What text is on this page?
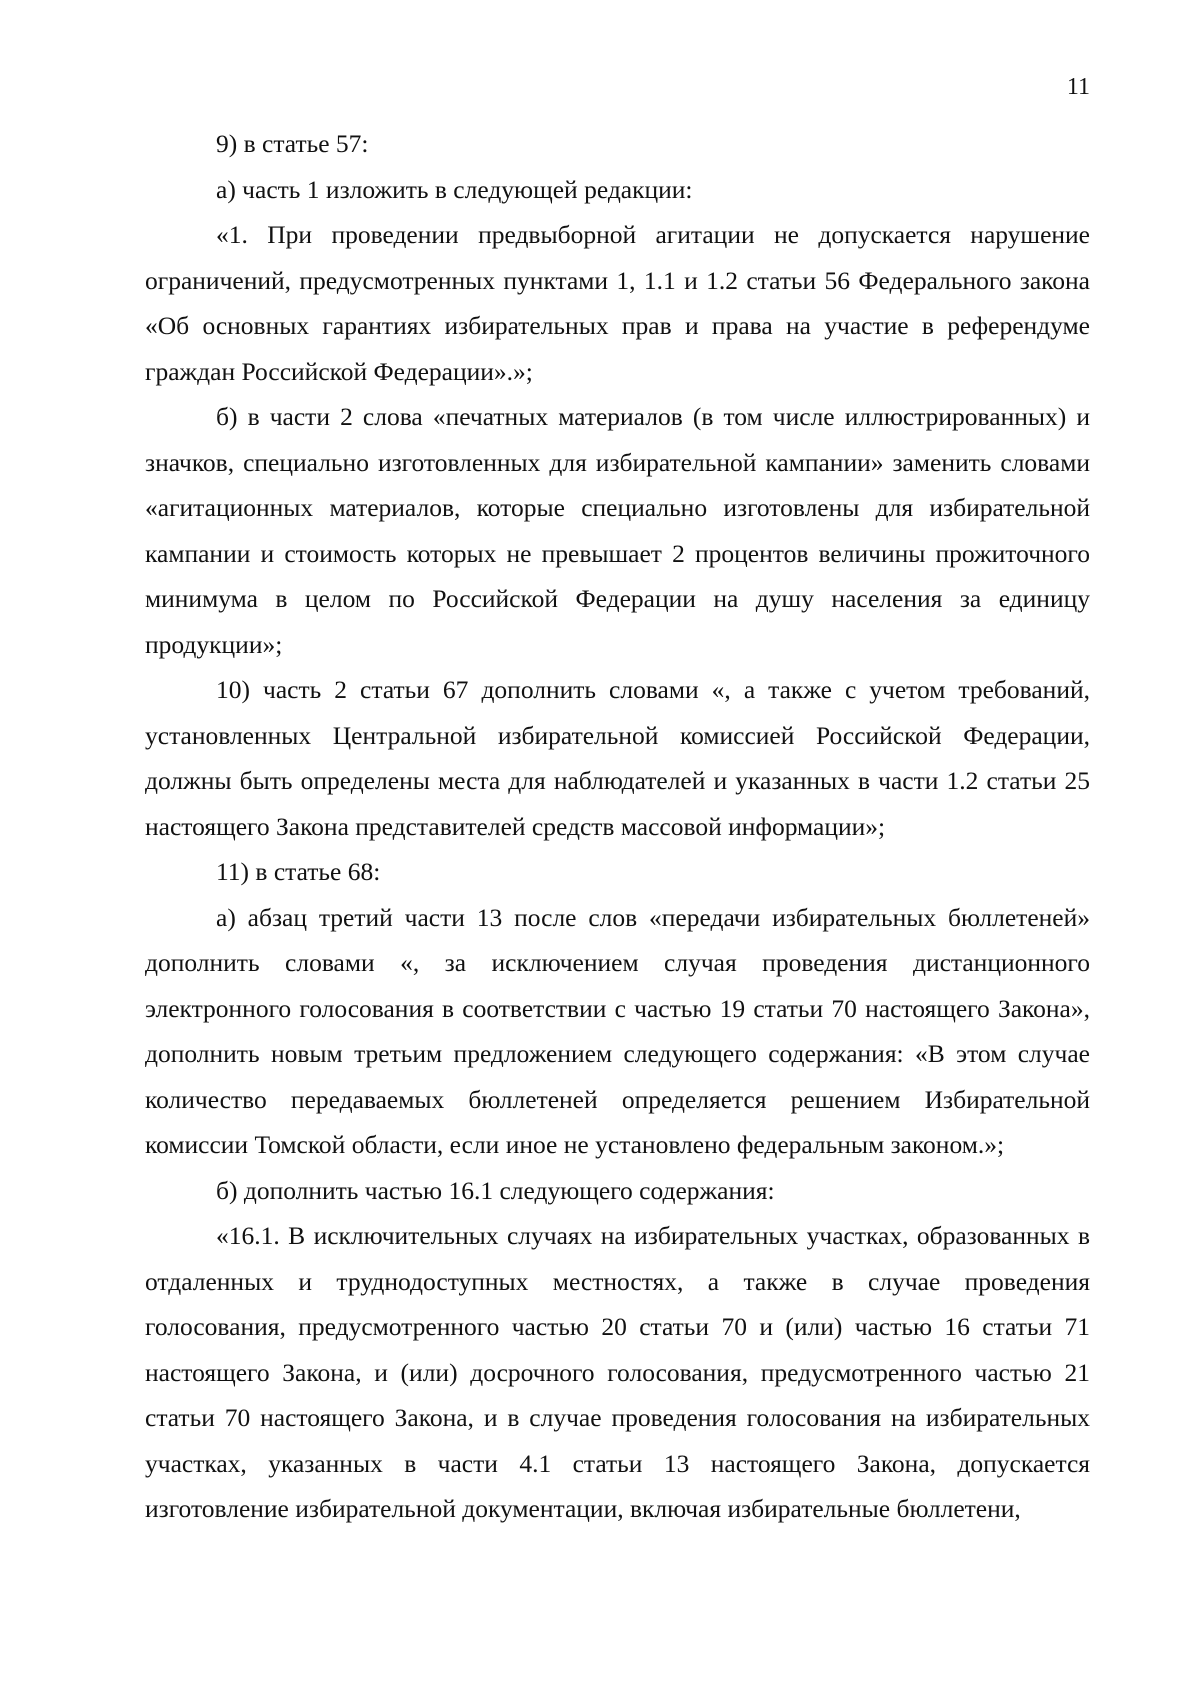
11

9) в статье 57:

а) часть 1 изложить в следующей редакции:

«1. При проведении предвыборной агитации не допускается нарушение ограничений, предусмотренных пунктами 1, 1.1 и 1.2 статьи 56 Федерального закона «Об основных гарантиях избирательных прав и права на участие в референдуме граждан Российской Федерации».»;

б) в части 2 слова «печатных материалов (в том числе иллюстрированных) и значков, специально изготовленных для избирательной кампании» заменить словами «агитационных материалов, которые специально изготовлены для избирательной кампании и стоимость которых не превышает 2 процентов величины прожиточного минимума в целом по Российской Федерации на душу населения за единицу продукции»;

10) часть 2 статьи 67 дополнить словами «, а также с учетом требований, установленных Центральной избирательной комиссией Российской Федерации, должны быть определены места для наблюдателей и указанных в части 1.2 статьи 25 настоящего Закона представителей средств массовой информации»;

11) в статье 68:

а) абзац третий части 13 после слов «передачи избирательных бюллетеней» дополнить словами «, за исключением случая проведения дистанционного электронного голосования в соответствии с частью 19 статьи 70 настоящего Закона», дополнить новым третьим предложением следующего содержания: «В этом случае количество передаваемых бюллетеней определяется решением Избирательной комиссии Томской области, если иное не установлено федеральным законом.»;

б) дополнить частью 16.1 следующего содержания:

«16.1. В исключительных случаях на избирательных участках, образованных в отдаленных и труднодоступных местностях, а также в случае проведения голосования, предусмотренного частью 20 статьи 70 и (или) частью 16 статьи 71 настоящего Закона, и (или) досрочного голосования, предусмотренного частью 21 статьи 70 настоящего Закона, и в случае проведения голосования на избирательных участках, указанных в части 4.1 статьи 13 настоящего Закона, допускается изготовление избирательной документации, включая избирательные бюллетени,
